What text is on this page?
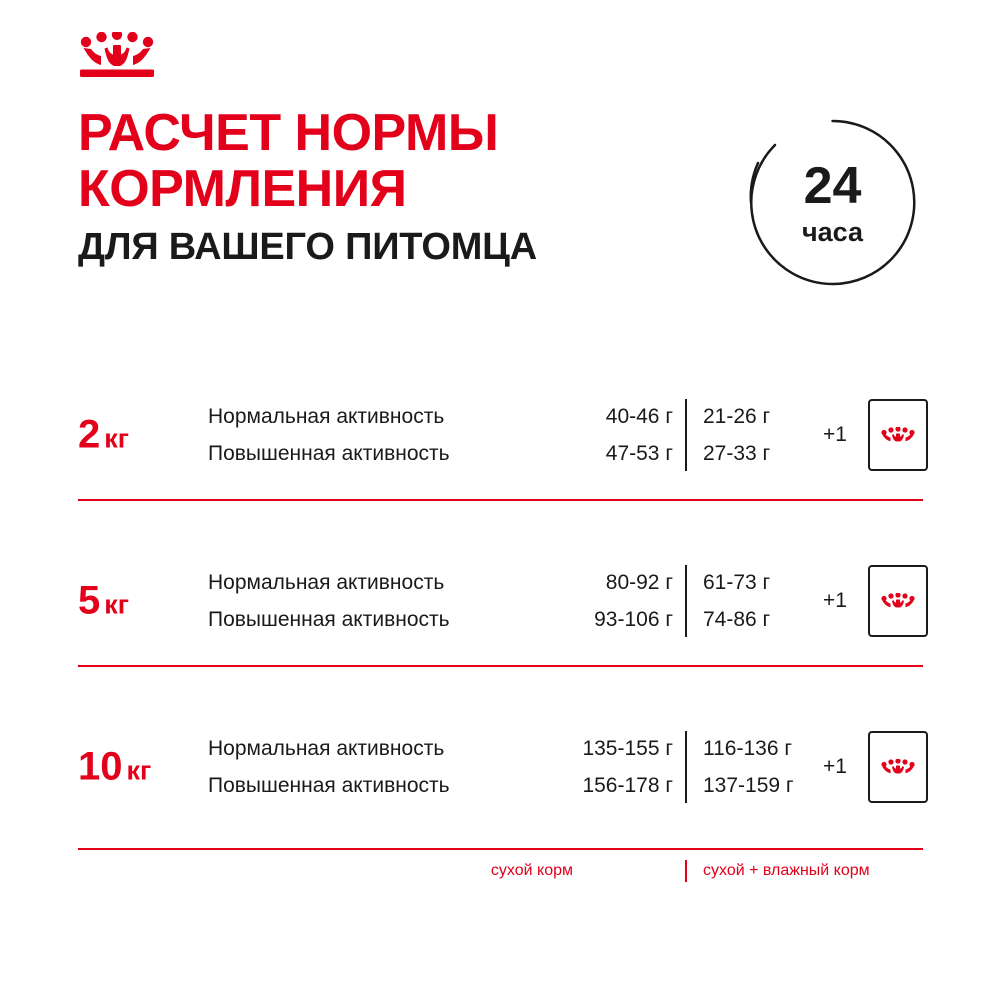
РАСЧЕТ НОРМЫ
КОРМЛЕНИЯ
ДЛЯ ВАШЕГО ПИТОМЦА
24
часа
2 кг
Нормальная активность
Повышенная активность
40-46 г
47-53 г
21-26 г
27-33 г
+1
5 кг
Нормальная активность
Повышенная активность
80-92 г
93-106 г
61-73 г
74-86 г
+1
10 кг
Нормальная активность
Повышенная активность
135-155 г
156-178 г
116-136 г
137-159 г
+1
сухой корм	сухой + влажный корм
